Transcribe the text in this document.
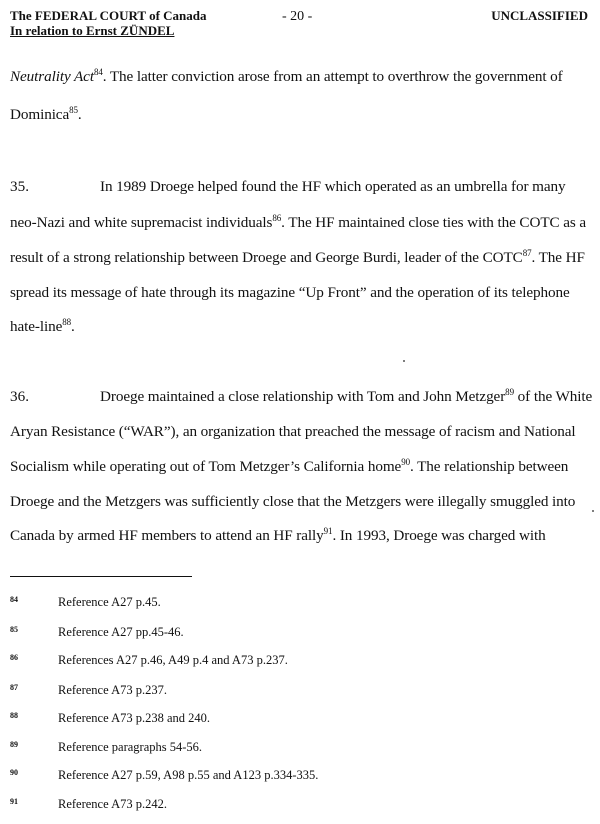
The FEDERAL COURT of Canada
In relation to Ernst ZÜNDEL
- 20 -	UNCLASSIFIED
Neutrality Act$^{84}$. The latter conviction arose from an attempt to overthrow the government of
Dominica$^{85}$.
35.	In 1989 Droege helped found the HF which operated as an umbrella for many
neo-Nazi and white supremacist individuals$^{86}$. The HF maintained close ties with the COTC as a
result of a strong relationship between Droege and George Burdi, leader of the COTC$^{87}$. The HF
spread its message of hate through its magazine “Up Front” and the operation of its telephone
hate-line$^{88}$.
36.	Droege maintained a close relationship with Tom and John Metzger$^{89}$ of the White
Aryan Resistance (“WAR”), an organization that preached the message of racism and National
Socialism while operating out of Tom Metzger’s California home$^{90}$. The relationship between
Droege and the Metzgers was sufficiently close that the Metzgers were illegally smuggled into
Canada by armed HF members to attend an HF rally$^{91}$. In 1993, Droege was charged with
84	Reference A27 p.45.
85	Reference A27 pp.45-46.
86	References A27 p.46, A49 p.4 and A73 p.237.
87	Reference A73 p.237.
88	Reference A73 p.238 and 240.
89	Reference paragraphs 54-56.
90	Reference A27 p.59, A98 p.55 and A123 p.334-335.
91	Reference A73 p.242.
